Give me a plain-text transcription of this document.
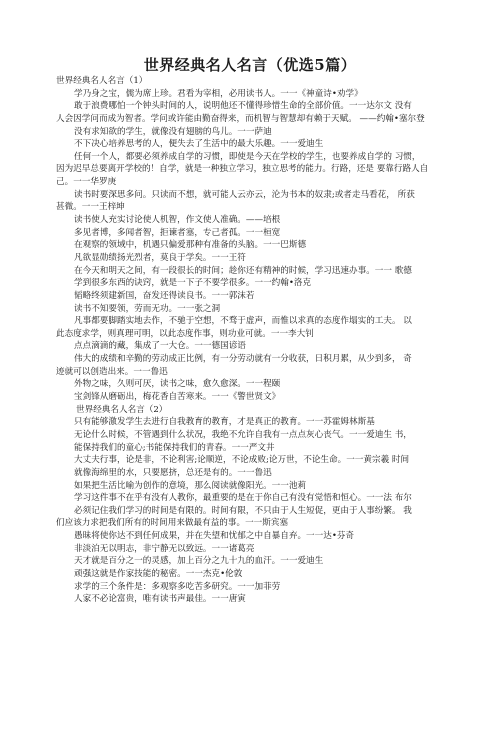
世界经典名人名言（优选5篇）
世界经典名人名言（1）
学乃身之宝，儒为席上珍。君看为宰相，必用读书人。一一《神童诗•劝学》
敢于浪费哪怕一个钟头时间的人，说明他还不懂得珍惜生命的全部价值。一一达尔文 没有
人会因学问而成为智者。学问或许能由勤奋得来，而机智与智慧却有赖于天赋。 ——约翰•塞尔登
没有求知欲的学生，就像没有翅膀的鸟儿。一一萨迪
不下决心培养思考的人，便失去了生活中的最大乐趣。一一爱迪生
任何一个人，都要必须养成自学的习惯，即使是今天在学校的学生，也要养成自学的 习惯，
因为迟早总要离开学校的！自学，就是一种独立学习，独立思考的能力。行路，还是 要靠行路人自
己。一一华罗庚
读书时要深思多问。只读而不想，就可能人云亦云，沦为书本的奴隶;或者走马看花， 所获
甚微。一一王梓坤
读书使人充实讨论使人机智，作文使人准确。——培根
多见者博，多闻者智，拒谏者塞，专己者孤。一一桓宽
在观察的领域中，机遇只偏爱那种有准备的头脑。一一巴斯德
凡欲显勋绩扬光烈者，莫良于学矣。一一王符
在今天和明天之间，有一段很长的时间；趁你还有精神的时候，学习迅速办事。一一 歌德
学到很多东西的诀窍，就是一下子不要学很多。一一约翰•洛克
韬略终须建新国，奋发还得读良书。一一郭沫若
读书不知要领，劳而无功。一一张之洞
凡事都要脚踏实地去作，不驰于空想，不骛于虚声，而惟以求真的态度作塌实的工夫。 以
此态度求学，则真理可明，以此态度作事，则功业可就。一一李大钊
点点滴滴的藏，集成了一大仓。一一德国谚语
伟大的成绩和辛勤的劳动成正比例，有一分劳动就有一分收获，日积月累，从少到多， 奇
迹就可以创造出来。一一鲁迅
外物之味，久则可厌，读书之味，愈久愈深。一一程颐
宝剑锋从磨砺出，梅花香自苦寒来。一一《警世贤文》
世界经典名人名言（2）
只有能够激发学生去进行自我教育的教育，才是真正的教育。一一苏霍姆林斯基
无论什么时候，不管遇到什么状况，我绝不允许自我有一点点灰心丧气。一一爱迪生 书，
能保持我们的童心;书能保持我们的青春。一一严文井
大丈夫行事，论是非，不论利害;论顺逆，不论成败;论万世，不论生命。一一黄宗羲 时间
就像海绵里的水，只要愿挤，总还是有的。一一鲁迅
如果把生活比喻为创作的意境，那么阅读就像阳光。一一池莉
学习这件事不在乎有没有人教你，最重要的是在于你自己有没有觉悟和恒心。一一法 布尔
必须记住我们学习的时间是有限的。时间有限，不只由于人生短促，更由于人事纷繁。 我
们应该力求把我们所有的时间用来做最有益的事。一一斯宾塞
愚昧将使你达不到任何成果，并在失望和忧郁之中自暴自弃。一一达•芬奇
非淡泊无以明志，非宁静无以致远。一一诸葛亮
天才就是百分之一的灵感，加上百分之九十九的血汗。一一爱迪生
顽强这就是作家技能的秘密。一一杰克•伦敦
求学的三个条件是：多观察多吃苦多研究。一一加菲劳
人家不必论富贵，唯有读书声最佳。一一唐寅
